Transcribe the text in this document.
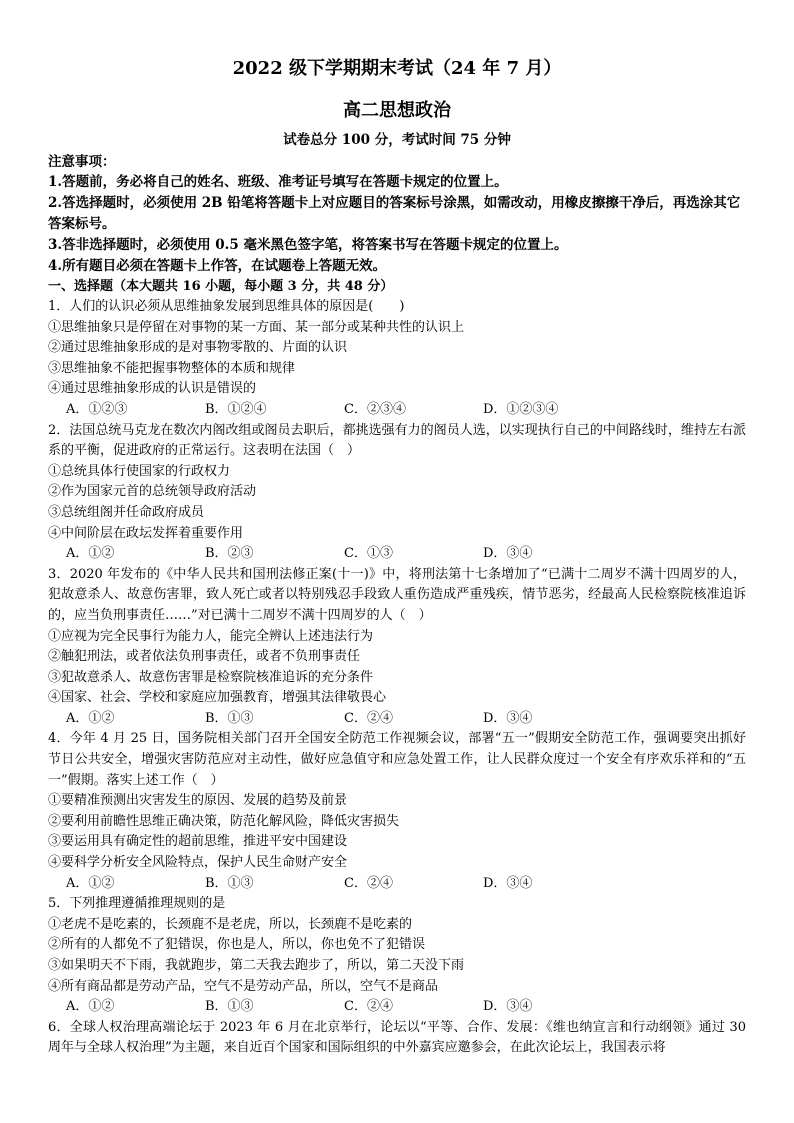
2022 级下学期期末考试（24 年 7 月）
高二思想政治
试卷总分 100 分，考试时间 75 分钟
注意事项：
1.答题前，务必将自己的姓名、班级、准考证号填写在答题卡规定的位置上。
2.答选择题时，必须使用 2B 铅笔将答题卡上对应题目的答案标号涂黑，如需改动，用橡皮擦擦干净后，再选涂其它答案标号。
3.答非选择题时，必须使用 0.5 毫米黑色签字笔，将答案书写在答题卡规定的位置上。
4.所有题目必须在答题卡上作答，在试题卷上答题无效。
一、选择题（本大题共 16 小题，每小题 3 分，共 48 分）
1．人们的认识必须从思维抽象发展到思维具体的原因是(　　)
①思维抽象只是停留在对事物的某一方面、某一部分或某种共性的认识上
②通过思维抽象形成的是对事物零散的、片面的认识
③思维抽象不能把握事物整体的本质和规律
④通过思维抽象形成的认识是错误的
A．①②③	B．①②④	C．②③④	D．①②③④
2．法国总统马克龙在数次内阁改组或阁员去职后，都挑选强有力的阁员人选，以实现执行自己的中间路线时，维持左右派系的平衡，促进政府的正常运行。这表明在法国（　）
①总统具体行使国家的行政权力
②作为国家元首的总统领导政府活动
③总统组阁并任命政府成员
④中间阶层在政坛发挥着重要作用
A．①②	B．②③	C．①③	D．③④
3．2020 年发布的《中华人民共和国刑法修正案(十一)》中，将刑法第十七条增加了“已满十二周岁不满十四周岁的人，犯故意杀人、故意伤害罪，致人死亡或者以特别残忍手段致人重伤造成严重残疾，情节恶劣，经最高人民检察院核准追诉的，应当负刑事责任……”对已满十二周岁不满十四周岁的人（　）
①应视为完全民事行为能力人，能完全辨认上述违法行为
②触犯刑法，或者依法负刑事责任，或者不负刑事责任
③犯故意杀人、故意伤害罪是检察院核准追诉的充分条件
④国家、社会、学校和家庭应加强教育，增强其法律敬畏心
A．①②	B．①③	C．②④	D．③④
4．今年 4 月 25 日，国务院相关部门召开全国安全防范工作视频会议，部署“五一”假期安全防范工作，强调要突出抓好节日公共安全，增强灾害防范应对主动性，做好应急值守和应急处置工作，让人民群众度过一个安全有序欢乐祥和的“五一”假期。落实上述工作（　）
①要精准预测出灾害发生的原因、发展的趋势及前景
②要利用前瞻性思维正确决策，防范化解风险，降低灾害损失
③要运用具有确定性的超前思维，推进平安中国建设
④要科学分析安全风险特点，保护人民生命财产安全
A．①②	B．①③	C．②④	D．③④
5．下列推理遵循推理规则的是
①老虎不是吃素的，长颈鹿不是老虎，所以，长颈鹿不是吃素的
②所有的人都免不了犯错误，你也是人，所以，你也免不了犯错误
③如果明天不下雨，我就跑步，第二天我去跑步了，所以，第二天没下雨
④所有商品都是劳动产品，空气不是劳动产品，所以，空气不是商品
A．①②	B．①③	C．②④	D．③④
6．全球人权治理高端论坛于 2023 年 6 月在北京举行，论坛以“平等、合作、发展：《维也纳宣言和行动纲领》通过 30 周年与全球人权治理”为主题，来自近百个国家和国际组织的中外嘉宾应邀参会，在此次论坛上，我国表示将
